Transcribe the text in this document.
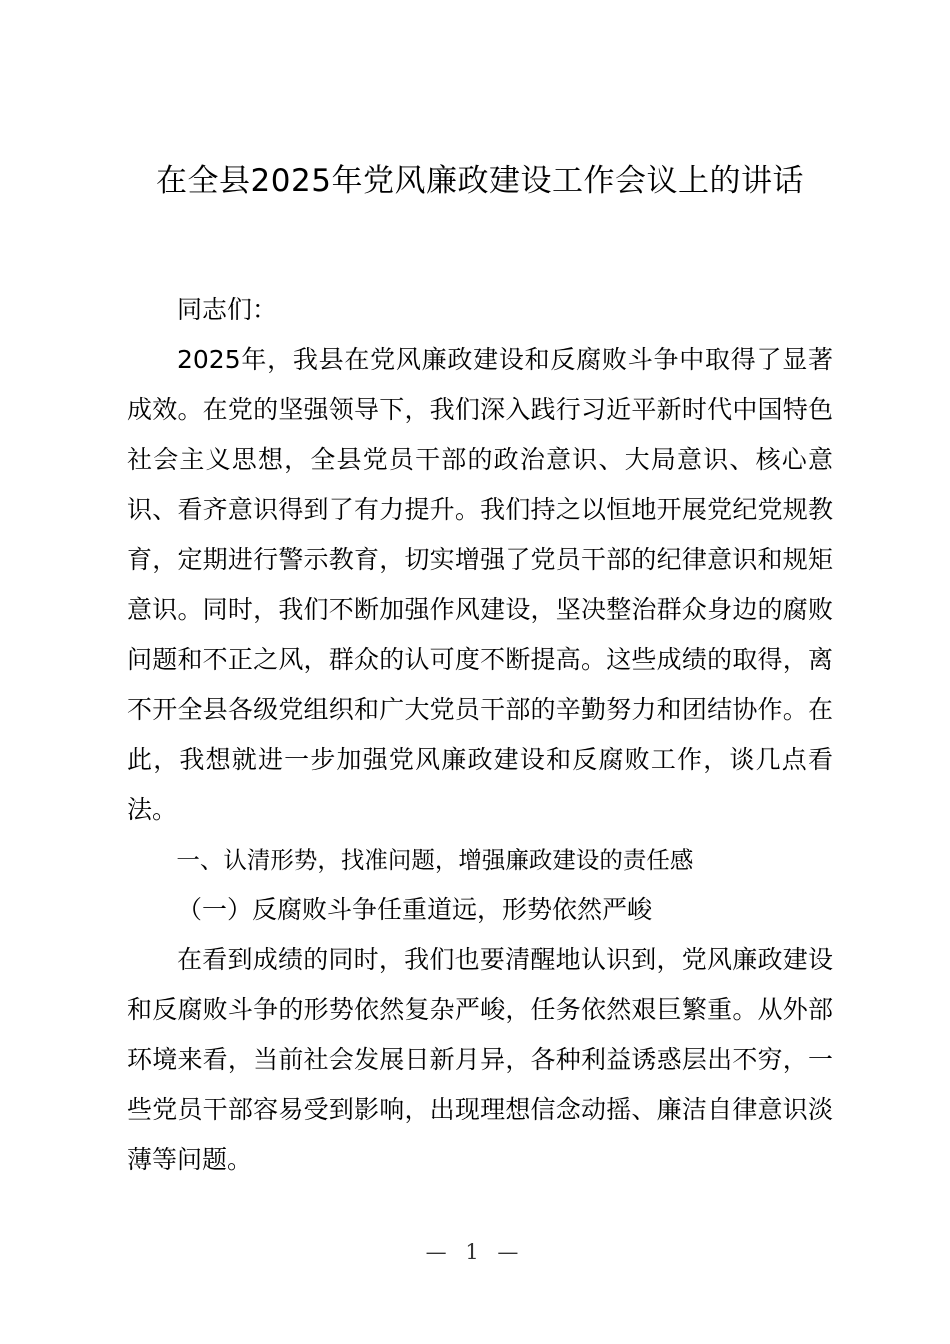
在全县2025年党风廉政建设工作会议上的讲话

同志们：

2025年，我县在党风廉政建设和反腐败斗争中取得了显著成效。在党的坚强领导下，我们深入践行习近平新时代中国特色社会主义思想，全县党员干部的政治意识、大局意识、核心意识、看齐意识得到了有力提升。我们持之以恒地开展党纪党规教育，定期进行警示教育，切实增强了党员干部的纪律意识和规矩意识。同时，我们不断加强作风建设，坚决整治群众身边的腐败问题和不正之风，群众的认可度不断提高。这些成绩的取得，离不开全县各级党组织和广大党员干部的辛勤努力和团结协作。在此，我想就进一步加强党风廉政建设和反腐败工作，谈几点看法。

一、认清形势，找准问题，增强廉政建设的责任感

（一）反腐败斗争任重道远，形势依然严峻

在看到成绩的同时，我们也要清醒地认识到，党风廉政建设和反腐败斗争的形势依然复杂严峻，任务依然艰巨繁重。从外部环境来看，当前社会发展日新月异，各种利益诱惑层出不穷，一些党员干部容易受到影响，出现理想信念动摇、廉洁自律意识淡薄等问题。

— 1 —
